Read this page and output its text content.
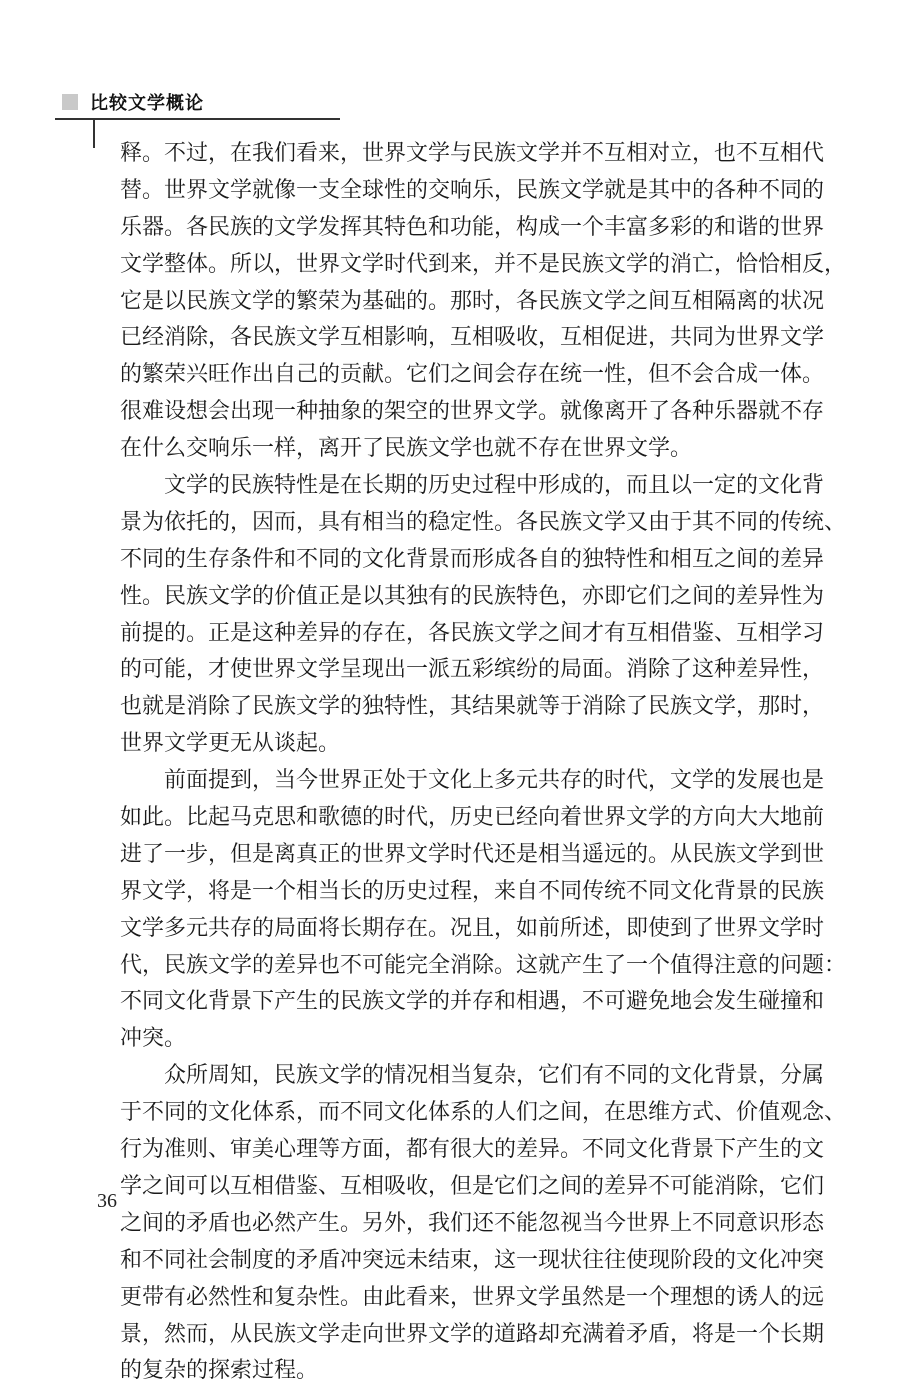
比较文学概论
释。不过，在我们看来，世界文学与民族文学并不互相对立，也不互相代
替。世界文学就像一支全球性的交响乐，民族文学就是其中的各种不同的
乐器。各民族的文学发挥其特色和功能，构成一个丰富多彩的和谐的世界
文学整体。所以，世界文学时代到来，并不是民族文学的消亡，恰恰相反，
它是以民族文学的繁荣为基础的。那时，各民族文学之间互相隔离的状况
已经消除，各民族文学互相影响，互相吸收，互相促进，共同为世界文学
的繁荣兴旺作出自己的贡献。它们之间会存在统一性，但不会合成一体。
很难设想会出现一种抽象的架空的世界文学。就像离开了各种乐器就不存
在什么交响乐一样，离开了民族文学也就不存在世界文学。
文学的民族特性是在长期的历史过程中形成的，而且以一定的文化背
景为依托的，因而，具有相当的稳定性。各民族文学又由于其不同的传统、
不同的生存条件和不同的文化背景而形成各自的独特性和相互之间的差异
性。民族文学的价值正是以其独有的民族特色，亦即它们之间的差异性为
前提的。正是这种差异的存在，各民族文学之间才有互相借鉴、互相学习
的可能，才使世界文学呈现出一派五彩缤纷的局面。消除了这种差异性，
也就是消除了民族文学的独特性，其结果就等于消除了民族文学，那时，
世界文学更无从谈起。
前面提到，当今世界正处于文化上多元共存的时代，文学的发展也是
如此。比起马克思和歌德的时代，历史已经向着世界文学的方向大大地前
进了一步，但是离真正的世界文学时代还是相当遥远的。从民族文学到世
界文学，将是一个相当长的历史过程，来自不同传统不同文化背景的民族
文学多元共存的局面将长期存在。况且，如前所述，即使到了世界文学时
代，民族文学的差异也不可能完全消除。这就产生了一个值得注意的问题：
不同文化背景下产生的民族文学的并存和相遇，不可避免地会发生碰撞和
冲突。
众所周知，民族文学的情况相当复杂，它们有不同的文化背景，分属
于不同的文化体系，而不同文化体系的人们之间，在思维方式、价值观念、
行为准则、审美心理等方面，都有很大的差异。不同文化背景下产生的文
学之间可以互相借鉴、互相吸收，但是它们之间的差异不可能消除，它们
之间的矛盾也必然产生。另外，我们还不能忽视当今世界上不同意识形态
和不同社会制度的矛盾冲突远未结束，这一现状往往使现阶段的文化冲突
更带有必然性和复杂性。由此看来，世界文学虽然是一个理想的诱人的远
景，然而，从民族文学走向世界文学的道路却充满着矛盾，将是一个长期
的复杂的探索过程。
36
